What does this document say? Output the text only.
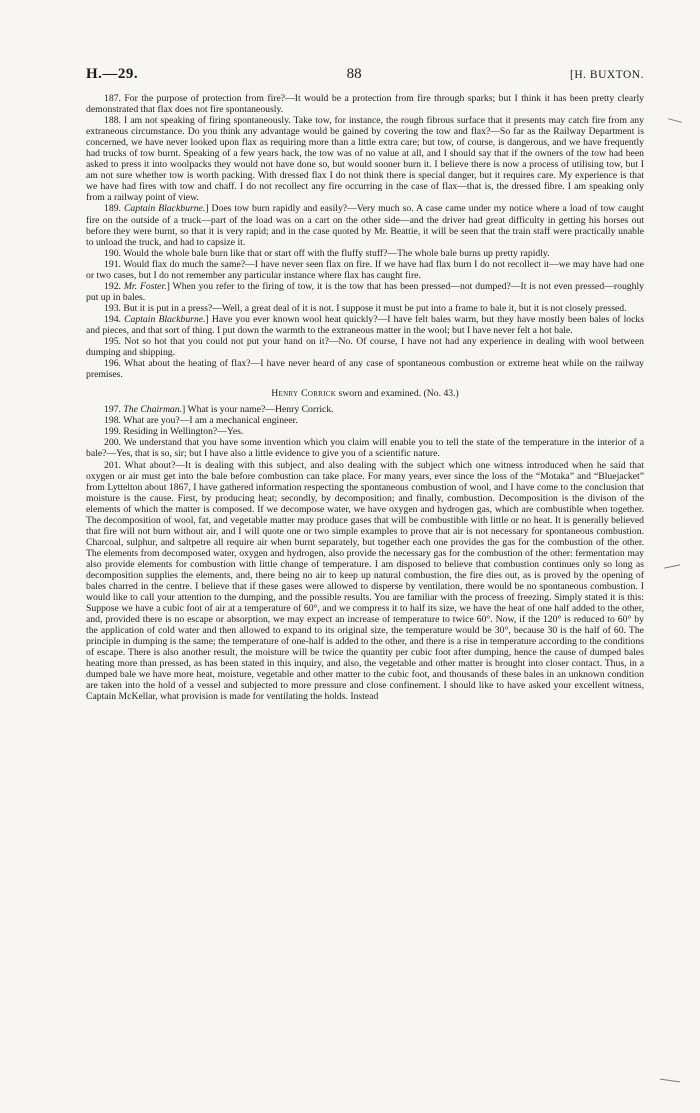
H.—29.	88	[H. BUXTON.

187. For the purpose of protection from fire?—It would be a protection from fire through sparks; but I think it has been pretty clearly demonstrated that flax does not fire spontaneously.

188. I am not speaking of firing spontaneously. Take tow, for instance, the rough fibrous surface that it presents may catch fire from any extraneous circumstance. Do you think any advantage would be gained by covering the tow and flax?—So far as the Railway Department is concerned, we have never looked upon flax as requiring more than a little extra care; but tow, of course, is dangerous, and we have frequently had trucks of tow burnt. Speaking of a few years back, the tow was of no value at all, and I should say that if the owners of the tow had been asked to press it into woolpacks they would not have done so, but would sooner burn it. I believe there is now a process of utilising tow, but I am not sure whether tow is worth packing. With dressed flax I do not think there is special danger, but it requires care. My experience is that we have had fires with tow and chaff. I do not recollect any fire occurring in the case of flax—that is, the dressed fibre. I am speaking only from a railway point of view.

189. Captain Blackburne.] Does tow burn rapidly and easily?—Very much so. A case came under my notice where a load of tow caught fire on the outside of a truck—part of the load was on a cart on the other side—and the driver had great difficulty in getting his horses out before they were burnt, so that it is very rapid; and in the case quoted by Mr. Beattie, it will be seen that the train staff were practically unable to unload the truck, and had to capsize it.

190. Would the whole bale burn like that or start off with the fluffy stuff?—The whole bale burns up pretty rapidly.

191. Would flax do much the same?—I have never seen flax on fire. If we have had flax burn I do not recollect it—we may have had one or two cases, but I do not remember any particular instance where flax has caught fire.

192. Mr. Foster.] When you refer to the firing of tow, it is the tow that has been pressed—not dumped?—It is not even pressed—roughly put up in bales.

193. But it is put in a press?—Well, a great deal of it is not. I suppose it must be put into a frame to bale it, but it is not closely pressed.

194. Captain Blackburne.] Have you ever known wool heat quickly?—I have felt bales warm, but they have mostly been bales of locks and pieces, and that sort of thing. I put down the warmth to the extraneous matter in the wool; but I have never felt a hot bale.

195. Not so hot that you could not put your hand on it?—No. Of course, I have not had any experience in dealing with wool between dumping and shipping.

196. What about the heating of flax?—I have never heard of any case of spontaneous combustion or extreme heat while on the railway premises.

Henry Corrick sworn and examined. (No. 43.)

197. The Chairman.] What is your name?—Henry Corrick.

198. What are you?—I am a mechanical engineer.

199. Residing in Wellington?—Yes.

200. We understand that you have some invention which you claim will enable you to tell the state of the temperature in the interior of a bale?—Yes, that is so, sir; but I have also a little evidence to give you of a scientific nature.

201. What about?—It is dealing with this subject, and also dealing with the subject which one witness introduced when he said that oxygen or air must get into the bale before combustion can take place. For many years, ever since the loss of the “Motaka” and “Bluejacket” from Lyttelton about 1867, I have gathered information respecting the spontaneous combustion of wool, and I have come to the conclusion that moisture is the cause. First, by producing heat; secondly, by decomposition; and finally, combustion. Decomposition is the divison of the elements of which the matter is composed. If we decompose water, we have oxygen and hydrogen gas, which are combustible when together. The decomposition of wool, fat, and vegetable matter may produce gases that will be combustible with little or no heat. It is generally believed that fire will not burn without air, and I will quote one or two simple examples to prove that air is not necessary for spontaneous combustion. Charcoal, sulphur, and saltpetre all require air when burnt separately, but together each one provides the gas for the combustion of the other. The elements from decomposed water, oxygen and hydrogen, also provide the necessary gas for the combustion of the other: fermentation may also provide elements for combustion with little change of temperature. I am disposed to believe that combustion continues only so long as decomposition supplies the elements, and, there being no air to keep up natural combustion, the fire dies out, as is proved by the opening of bales charred in the centre. I believe that if these gases were allowed to disperse by ventilation, there would be no spontaneous combustion. I would like to call your attention to the dumping, and the possible results. You are familiar with the process of freezing. Simply stated it is this: Suppose we have a cubic foot of air at a temperature of 60°, and we compress it to half its size, we have the heat of one half added to the other, and, provided there is no escape or absorption, we may expect an increase of temperature to twice 60°. Now, if the 120° is reduced to 60° by the application of cold water and then allowed to expand to its original size, the temperature would be 30°, because 30 is the half of 60. The principle in dumping is the same; the temperature of one-half is added to the other, and there is a rise in temperature according to the conditions of escape. There is also another result, the moisture will be twice the quantity per cubic foot after dumping, hence the cause of dumped bales heating more than pressed, as has been stated in this inquiry, and also, the vegetable and other matter is brought into closer contact. Thus, in a dumped bale we have more heat, moisture, vegetable and other matter to the cubic foot, and thousands of these bales in an unknown condition are taken into the hold of a vessel and subjected to more pressure and close confinement. I should like to have asked your excellent witness, Captain McKellar, what provision is made for ventilating the holds. Instead
